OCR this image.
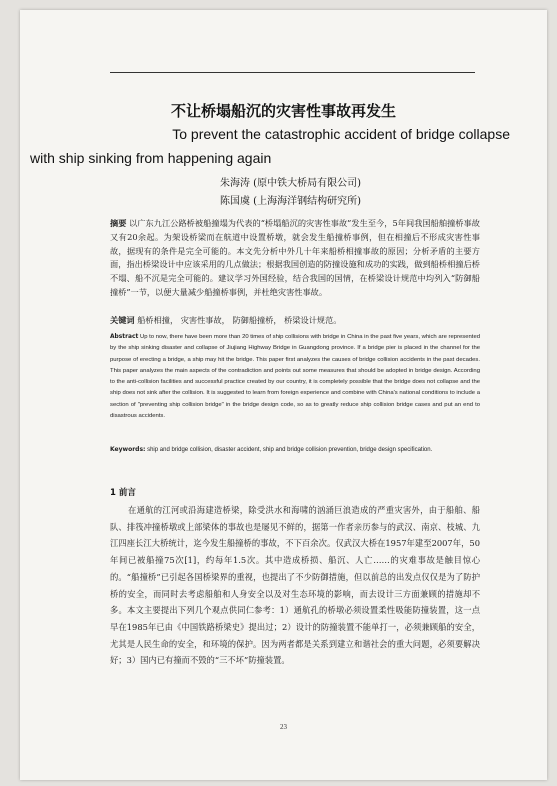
不让桥塌船沉的灾害性事故再发生
To prevent the catastrophic accident of bridge collapse
with ship sinking from happening again
朱海涛 (原中铁大桥局有限公司)
陈国虞 (上海海洋钢结构研究所)
摘要 以广东九江公路桥被船撞塌为代表的“桥塌船沉的灾害性事故”发生至今，5年间我国船舶撞桥事故又有20余起。为架设桥梁而在航道中设置桥墩，就会发生船撞桥事例，但在相撞后不形成灾害性事故，据现有的条件是完全可能的。本文先分析中外几十年来船桥相撞事故的原因；分析矛盾的主要方面，指出桥梁设计中应该采用的几点做法；根据我国创造的防撞设施和成功的实践，做到船桥相撞后桥不塌、船不沉是完全可能的。建议学习外国经验，结合我国的国情，在桥梁设计规范中均列入“防御船撞桥”一节，以便大量减少船撞桥事例，并杜绝灾害性事故。
关键词 船桥相撞， 灾害性事故， 防御船撞桥， 桥梁设计规范。
Abstract Up to now, there have been more than 20 times of ship collisions with bridge in China in the past five years, which are represented by the ship sinking disaster and collapse of Jiujiang Highway Bridge in Guangdong province. If a bridge pier is placed in the channel for the purpose of erecting a bridge, a ship may hit the bridge. This paper first analyzes the causes of bridge collision accidents in the past decades. This paper analyzes the main aspects of the contradiction and points out some measures that should be adopted in bridge design. According to the anti-collision facilities and successful practice created by our country, it is completely possible that the bridge does not collapse and the ship does not sink after the collision. It is suggested to learn from foreign experience and combine with China's national conditions to include a section of "preventing ship collision bridge" in the bridge design code, so as to greatly reduce ship collision bridge cases and put an end to disastrous accidents.
Keywords: ship and bridge collision, disaster accident, ship and bridge collision prevention, bridge design specification.
1 前言
在通航的江河或沿海建造桥梁，除受洪水和海啸的汹涌巨浪造成的严重灾害外，由于船舶、船队、排筏冲撞桥墩或上部梁体的事故也是屡见不鲜的，据第一作者亲历参与的武汉、南京、枝城、九江四座长江大桥统计，迄今发生船撞桥的事故，不下百余次。仅武汉大桥在1957年建至2007年，50年间已被船撞75次[1]，约每年1.5次。其中造成桥损、船沉、人亡……的灾难事故是触目惊心的。“船撞桥”已引起各国桥梁界的重视，也提出了不少防御措施，但以前总的出发点仅仅是为了防护桥的安全，而同时去考虑船舶和人身安全以及对生态环境的影响，而去设计三方面兼顾的措施却不多。本文主要提出下列几个观点供同仁参考：1）通航孔的桥墩必须设置柔性吸能防撞装置，这一点早在1985年已由《中国铁路桥梁史》提出过；2）设计的防撞装置不能单打一，必须兼顾船的安全，尤其是人民生命的安全，和环境的保护。因为两者都是关系到建立和谐社会的重大问题，必须要解决好；3）国内已有撞而不毁的“三不坏”防撞装置。
23
